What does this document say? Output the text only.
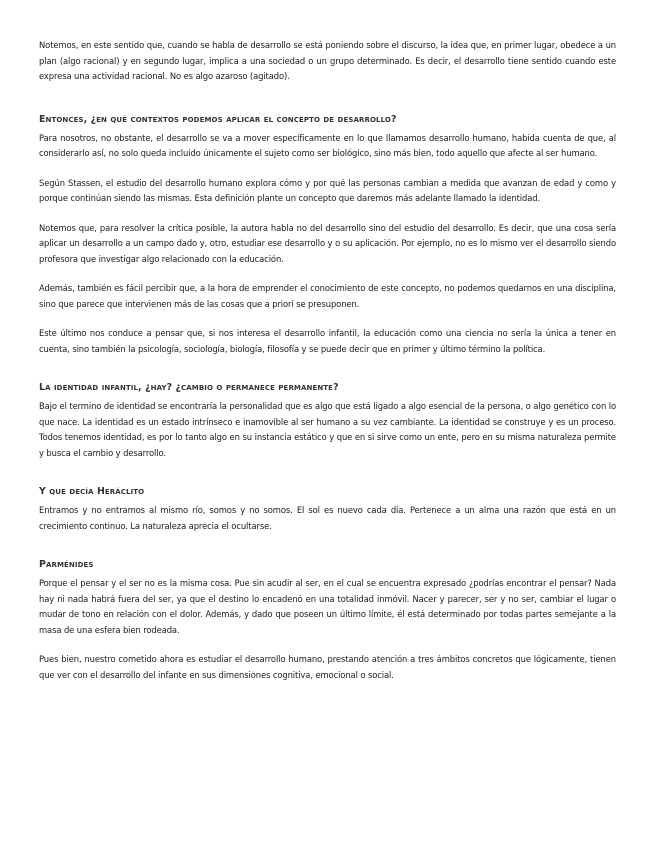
Notemos, en este sentido que, cuando se habla de desarrollo se está poniendo sobre el discurso, la idea que, en primer lugar, obedece a un plan (algo racional) y en segundo lugar, implica a una sociedad o un grupo determinado. Es decir, el desarrollo tiene sentido cuando este expresa una actividad racional. No es algo azaroso (agitado).

Entonces, ¿en qué contextos podemos aplicar el concepto de desarrollo?

Para nosotros, no obstante, el desarrollo se va a mover específicamente en lo que llamamos desarrollo humano, habida cuenta de que, al considerarlo así, no solo queda incluido únicamente el sujeto como ser biológico, sino más bien, todo aquello que afecte al ser humano.

Según Stassen, el estudio del desarrollo humano explora cómo y por qué las personas cambian a medida que avanzan de edad y como y porque continúan siendo las mismas. Esta definición plante un concepto que daremos más adelante llamado la identidad.

Notemos que, para resolver la crítica posible, la autora habla no del desarrollo sino del estudio del desarrollo. Es decir, que una cosa sería aplicar un desarrollo a un campo dado y, otro, estudiar ese desarrollo y o su aplicación. Por ejemplo, no es lo mismo ver el desarrollo siendo profesora que investigar algo relacionado con la educación.

Además, también es fácil percibir que, a la hora de emprender el conocimiento de este concepto, no podemos quedarnos en una disciplina, sino que parece que intervienen más de las cosas que a priori se presuponen.

Este último nos conduce a pensar que, si nos interesa el desarrollo infantil, la educación como una ciencia no sería la única a tener en cuenta, sino también la psicología, sociología, biología, filosofía y se puede decir que en primer y último término la política.

La identidad infantil, ¿hay? ¿cambio o permanece permanente?

Bajo el termino de identidad se encontraría la personalidad que es algo que está ligado a algo esencial de la persona, o algo genético con lo que nace. La identidad es un estado intrínseco e inamovible al ser humano a su vez cambiante. La identidad se construye y es un proceso. Todos tenemos identidad, es por lo tanto algo en su instancia estático y que en si sirve como un ente, pero en su misma naturaleza permite y busca el cambio y desarrollo.

Y que decía Heráclito

Entramos y no entramos al mismo río, somos y no somos. El sol es nuevo cada día. Pertenece a un alma una razón que está en un crecimiento continuo. La naturaleza aprecia el ocultarse.

Parménides

Porque el pensar y el ser no es la misma cosa. Pue sin acudir al ser, en el cual se encuentra expresado ¿podrías encontrar el pensar? Nada hay ni nada habrá fuera del ser, ya que el destino lo encadenó en una totalidad inmóvil. Nacer y parecer, ser y no ser, cambiar el lugar o mudar de tono en relación con el dolor. Además, y dado que poseen un último límite, él está determinado por todas partes semejante a la masa de una esfera bien rodeada.

Pues bien, nuestro cometido ahora es estudiar el desarrollo humano, prestando atención a tres ámbitos concretos que lógicamente, tienen que ver con el desarrollo del infante en sus dimensiones cognitiva, emocional o social.
